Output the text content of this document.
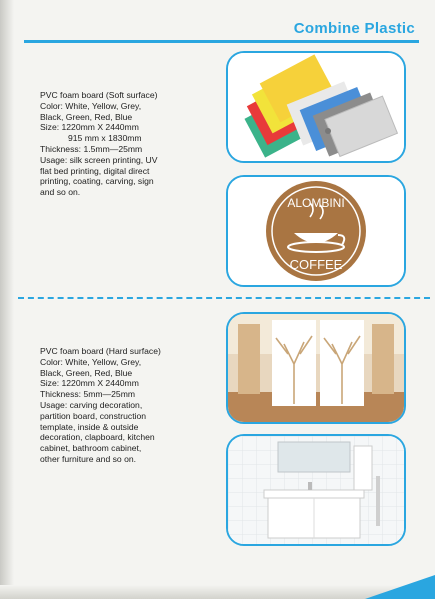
Combine Plastic
PVC foam board (Soft surface)
Color: White, Yellow, Grey,
Black, Green, Red, Blue
Size: 1220mm X 2440mm
915 mm x 1830mm
Thickness: 1.5mm—25mm
Usage: silk screen printing, UV
flat bed printing, digital direct
printing, coating, carving, sign
and so on.
ALOMBINI
COFFEE
PVC foam board (Hard surface)
Color: White, Yellow, Grey,
Black, Green, Red, Blue
Size: 1220mm X 2440mm
Thickness: 5mm—25mm
Usage: carving decoration,
partition board, construction
template, inside & outside
decoration, clapboard, kitchen
cabinet, bathroom cabinet,
other furniture and so on.
